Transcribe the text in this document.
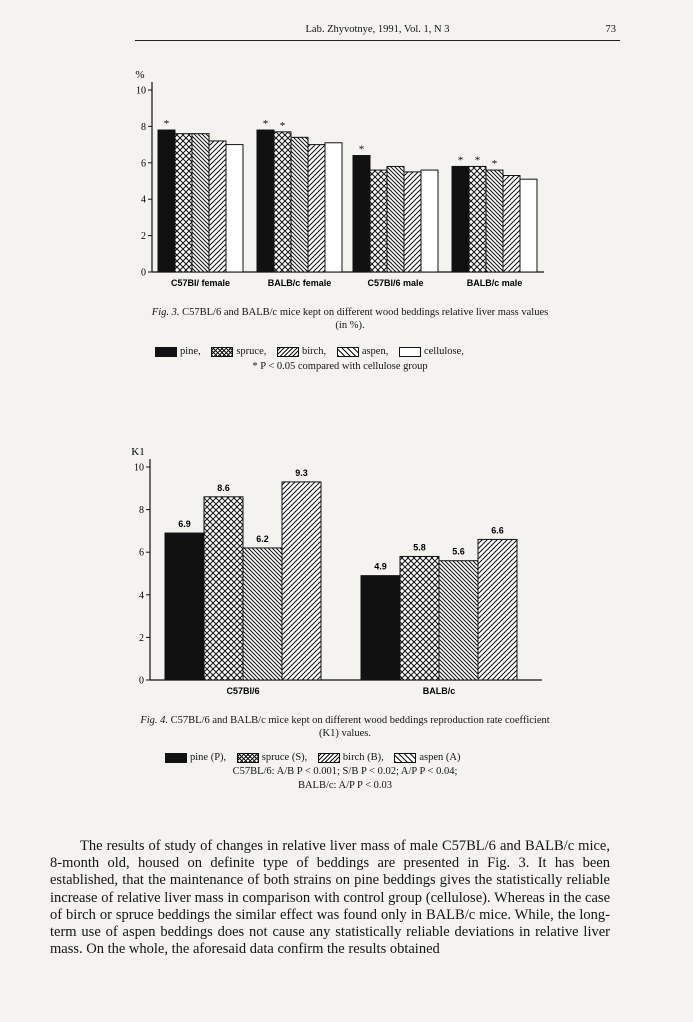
Lab. Zhyvotnye, 1991, Vol. 1, N 3	73
%
0
2
4
6
8
10
*
C57Bl/ female
* *
BALB/c female
*
C57Bl/6 male
* * *
BALB/c male
Fig. 3. C57BL/6 and BALB/c mice kept on different wood beddings relative liver mass values (in %).
pine,
	spruce,
	birch,
	aspen,
	cellulose,
* P < 0.05 compared with cellulose group
K1
0
2
4
6
8
10
6.9
8.6
6.2
9.3
C57Bl/6
4.9
5.8	5.6
6.6
BALB/c
Fig. 4. C57BL/6 and BALB/c mice kept on different wood beddings reproduction rate coefficient (K1) values.
pine (P),
	spruce (S),
	birch (B),
	aspen (A)
C57BL/6: A/B P < 0.001; S/B P < 0.02; A/P P < 0.04;
BALB/c: A/P P < 0.03

The results of study of changes in relative liver mass of male C57BL/6 and BALB/c mice, 8-month old, housed on definite type of beddings are presented in Fig. 3. It has been established, that the maintenance of both strains on pine beddings gives the statistically reliable increase of relative liver mass in comparison with control group (cellulose). Whereas in the case of birch or spruce beddings the similar effect was found only in BALB/c mice. While, the long-term use of aspen beddings does not cause any statistically reliable deviations in relative liver mass. On the whole, the aforesaid data confirm the results obtained
